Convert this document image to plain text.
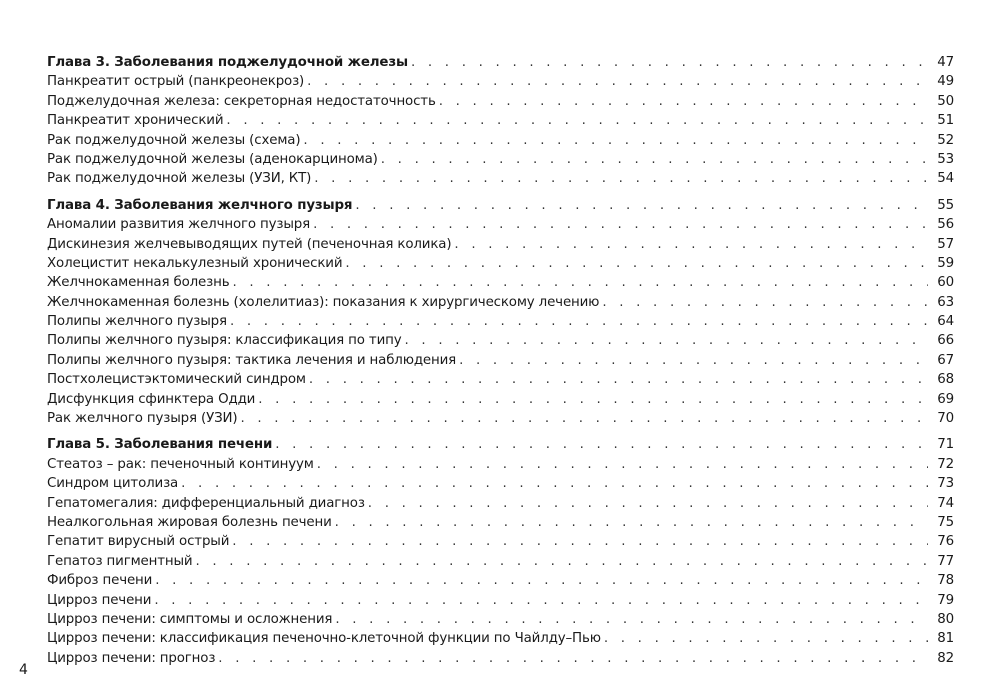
Глава 3. Заболевания поджелудочной железы . . .	47
Панкреатит острый (панкреонекроз) . . .	49
Поджелудочная железа: секреторная недостаточность . . .	50
Панкреатит хронический . . .	51
Рак поджелудочной железы (схема) . . .	52
Рак поджелудочной железы (аденокарцинома) . . .	53
Рак поджелудочной железы (УЗИ, КТ) . . .	54
Глава 4. Заболевания желчного пузыря . . .	55
Аномалии развития желчного пузыря . . .	56
Дискинезия желчевыводящих путей (печеночная колика) . . .	57
Холецистит некалькулезный хронический . . .	59
Желчнокаменная болезнь . . .	60
Желчнокаменная болезнь (холелитиаз): показания к хирургическому лечению . . .	63
Полипы желчного пузыря . . .	64
Полипы желчного пузыря: классификация по типу . . .	66
Полипы желчного пузыря: тактика лечения и наблюдения . . .	67
Постхолецистэктомический синдром . . .	68
Дисфункция сфинктера Одди . . .	69
Рак желчного пузыря (УЗИ) . . .	70
Глава 5. Заболевания печени . . .	71
Стеатоз – рак: печеночный континуум . . .	72
Синдром цитолиза . . .	73
Гепатомегалия: дифференциальный диагноз . . .	74
Неалкогольная жировая болезнь печени . . .	75
Гепатит вирусный острый . . .	76
Гепатоз пигментный . . .	77
Фиброз печени . . .	78
Цирроз печени . . .	79
Цирроз печени: симптомы и осложнения . . .	80
Цирроз печени: классификация печеночно-клеточной функции по Чайлду–Пью . . .	81
Цирроз печени: прогноз . . .	82
4
